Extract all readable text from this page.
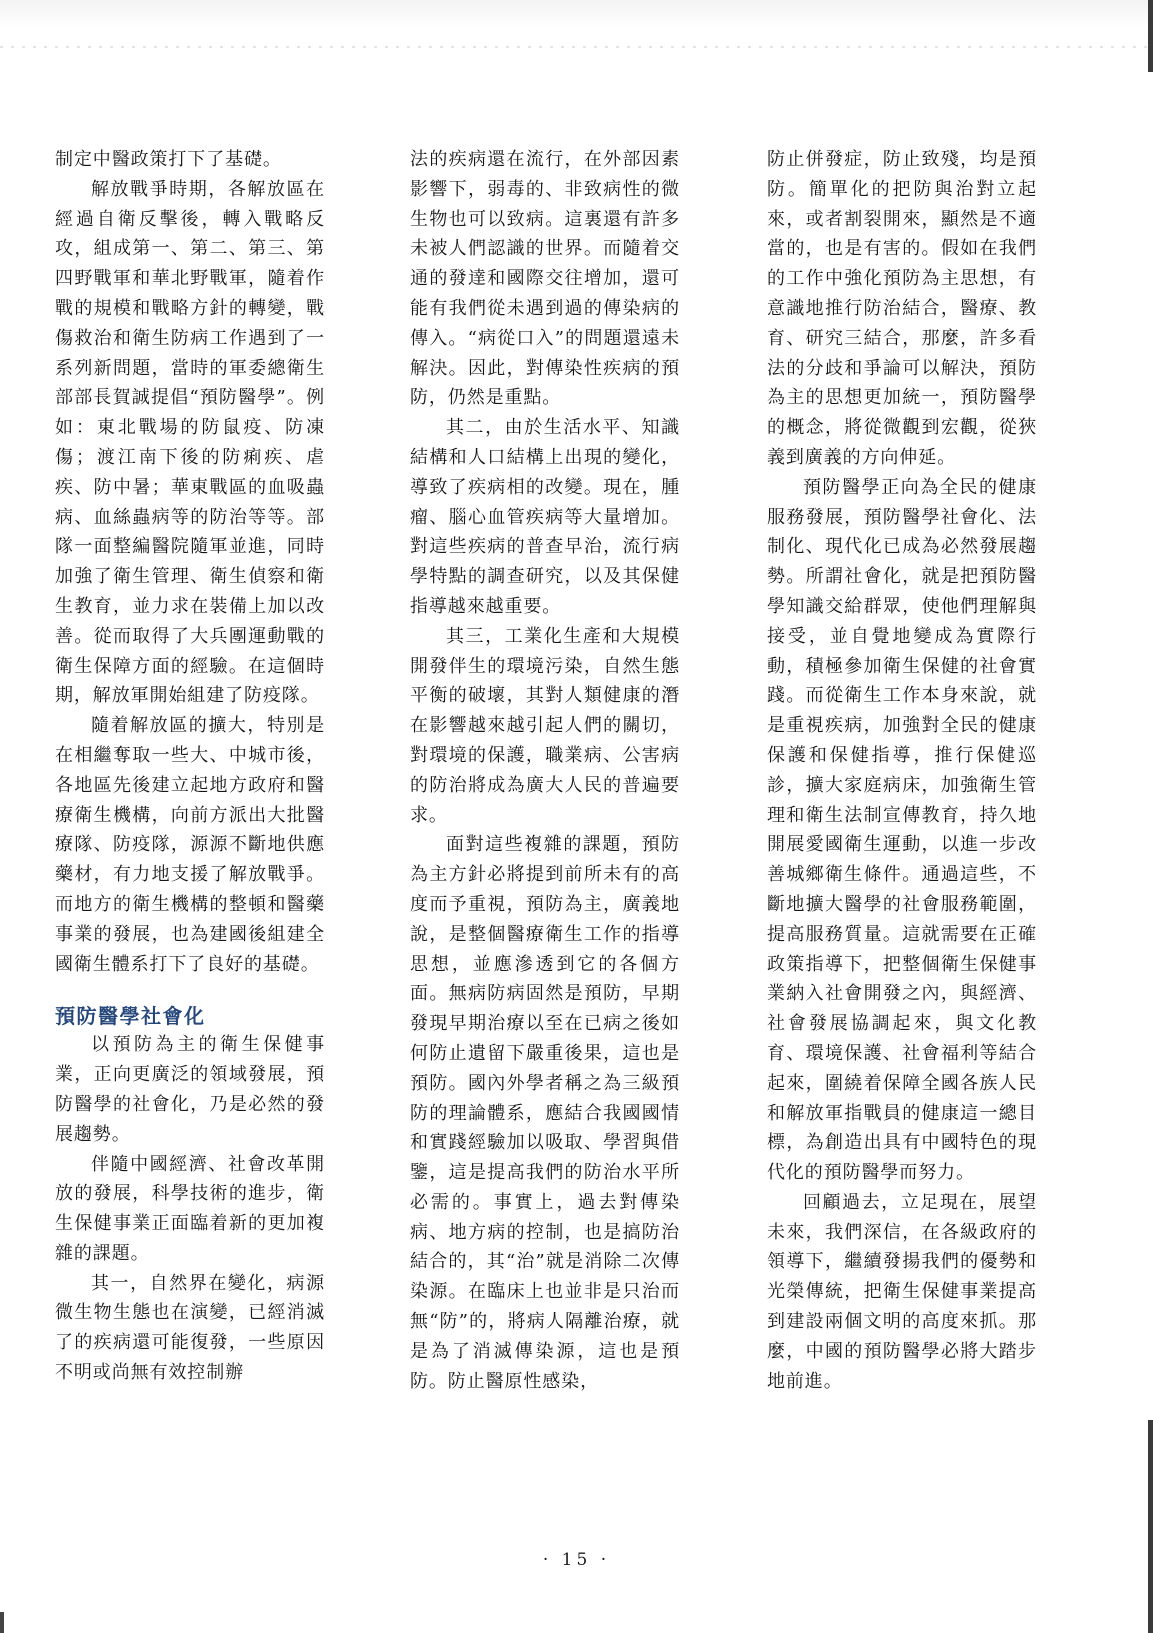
制定中醫政策打下了基礎。

解放戰爭時期，各解放區在經過自衛反擊後，轉入戰略反攻，組成第一、第二、第三、第四野戰軍和華北野戰軍，隨着作戰的規模和戰略方針的轉變，戰傷救治和衛生防病工作遇到了一系列新問題，當時的軍委總衛生部部長賀誠提倡“預防醫學”。例如：東北戰場的防鼠疫、防凍傷；渡江南下後的防痢疾、虐疾、防中暑；華東戰區的血吸蟲病、血絲蟲病等的防治等等。部隊一面整編醫院隨軍並進，同時加強了衛生管理、衛生偵察和衛生教育，並力求在裝備上加以改善。從而取得了大兵團運動戰的衛生保障方面的經驗。在這個時期，解放軍開始組建了防疫隊。

隨着解放區的擴大，特別是在相繼奪取一些大、中城市後，各地區先後建立起地方政府和醫療衛生機構，向前方派出大批醫療隊、防疫隊，源源不斷地供應藥材，有力地支援了解放戰爭。而地方的衛生機構的整頓和醫藥事業的發展，也為建國後組建全國衛生體系打下了良好的基礎。

預防醫學社會化

以預防為主的衛生保健事業，正向更廣泛的領域發展，預防醫學的社會化，乃是必然的發展趨勢。

伴隨中國經濟、社會改革開放的發展，科學技術的進步，衛生保健事業正面臨着新的更加複雜的課題。

其一，自然界在變化，病源微生物生態也在演變，已經消滅了的疾病還可能復發，一些原因不明或尚無有效控制辦

法的疾病還在流行，在外部因素影響下，弱毒的、非致病性的微生物也可以致病。這裏還有許多未被人們認識的世界。而隨着交通的發達和國際交往增加，還可能有我們從未遇到過的傳染病的傳入。“病從口入”的問題還遠未解決。因此，對傳染性疾病的預防，仍然是重點。

其二，由於生活水平、知識結構和人口結構上出現的變化，導致了疾病相的改變。現在，腫瘤、腦心血管疾病等大量增加。對這些疾病的普查早治，流行病學特點的調查研究，以及其保健指導越來越重要。

其三，工業化生產和大規模開發伴生的環境污染，自然生態平衡的破壞，其對人類健康的潛在影響越來越引起人們的關切，對環境的保護，職業病、公害病的防治將成為廣大人民的普遍要求。

面對這些複雜的課題，預防為主方針必將提到前所未有的高度而予重視，預防為主，廣義地說，是整個醫療衛生工作的指導思想，並應滲透到它的各個方面。無病防病固然是預防，早期發現早期治療以至在已病之後如何防止遺留下嚴重後果，這也是預防。國內外學者稱之為三級預防的理論體系，應結合我國國情和實踐經驗加以吸取、學習與借鑒，這是提高我們的防治水平所必需的。事實上，過去對傳染病、地方病的控制，也是搞防治結合的，其“治”就是消除二次傳染源。在臨床上也並非是只治而無“防”的，將病人隔離治療，就是為了消滅傳染源，這也是預防。防止醫原性感染，

防止併發症，防止致殘，均是預防。簡單化的把防與治對立起來，或者割裂開來，顯然是不適當的，也是有害的。假如在我們的工作中強化預防為主思想，有意識地推行防治結合，醫療、教育、研究三結合，那麼，許多看法的分歧和爭論可以解決，預防為主的思想更加統一，預防醫學的概念，將從微觀到宏觀，從狹義到廣義的方向伸延。

預防醫學正向為全民的健康服務發展，預防醫學社會化、法制化、現代化已成為必然發展趨勢。所謂社會化，就是把預防醫學知識交給群眾，使他們理解與接受，並自覺地變成為實際行動，積極參加衛生保健的社會實踐。而從衛生工作本身來說，就是重視疾病，加強對全民的健康保護和保健指導，推行保健巡診，擴大家庭病床，加強衛生管理和衛生法制宣傳教育，持久地開展愛國衛生運動，以進一步改善城鄉衛生條件。通過這些，不斷地擴大醫學的社會服務範圍，提高服務質量。這就需要在正確政策指導下，把整個衛生保健事業納入社會開發之內，與經濟、社會發展協調起來，與文化教育、環境保護、社會福利等結合起來，圍繞着保障全國各族人民和解放軍指戰員的健康這一總目標，為創造出具有中國特色的現代化的預防醫學而努力。

回顧過去，立足現在，展望未來，我們深信，在各級政府的領導下，繼續發揚我們的優勢和光榮傳統，把衛生保健事業提高到建設兩個文明的高度來抓。那麼，中國的預防醫學必將大踏步地前進。

· 15 ·
